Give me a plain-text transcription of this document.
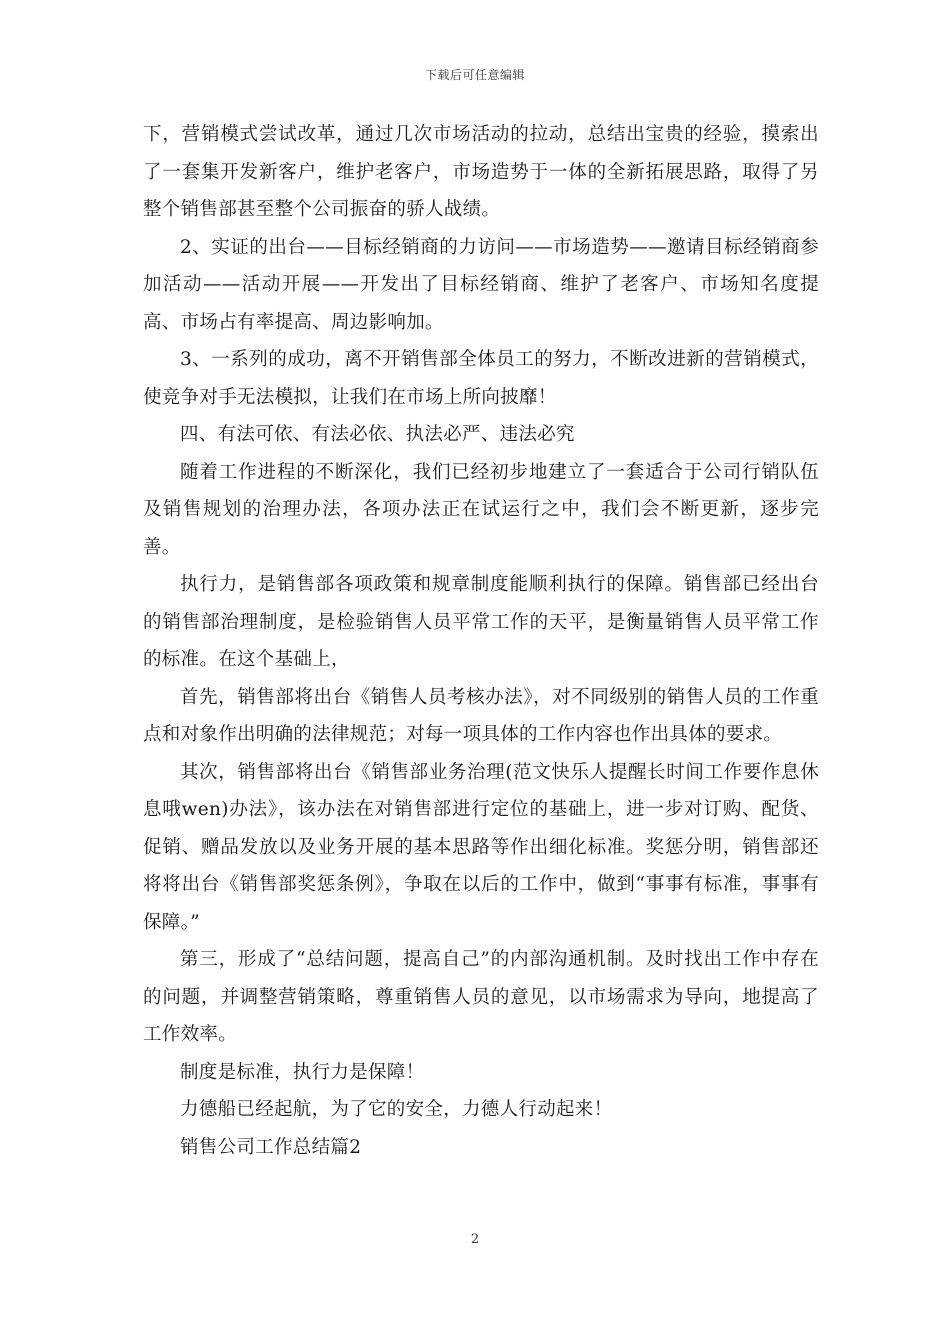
下载后可任意编辑

下，营销模式尝试改革，通过几次市场活动的拉动，总结出宝贵的经验，摸索出了一套集开发新客户，维护老客户，市场造势于一体的全新拓展思路，取得了另整个销售部甚至整个公司振奋的骄人战绩。

2、实证的出台——目标经销商的力访问——市场造势——邀请目标经销商参加活动——活动开展——开发出了目标经销商、维护了老客户、市场知名度提高、市场占有率提高、周边影响加。

3、一系列的成功，离不开销售部全体员工的努力，不断改进新的营销模式，使竞争对手无法模拟，让我们在市场上所向披靡！

四、有法可依、有法必依、执法必严、违法必究

随着工作进程的不断深化，我们已经初步地建立了一套适合于公司行销队伍及销售规划的治理办法，各项办法正在试运行之中，我们会不断更新，逐步完善。

执行力，是销售部各项政策和规章制度能顺利执行的保障。销售部已经出台的销售部治理制度，是检验销售人员平常工作的天平，是衡量销售人员平常工作的标准。在这个基础上，

首先，销售部将出台《销售人员考核办法》，对不同级别的销售人员的工作重点和对象作出明确的法律规范；对每一项具体的工作内容也作出具体的要求。

其次，销售部将出台《销售部业务治理(范文快乐人提醒长时间工作要作息休息哦wen)办法》，该办法在对销售部进行定位的基础上，进一步对订购、配货、促销、赠品发放以及业务开展的基本思路等作出细化标准。奖惩分明，销售部还将将出台《销售部奖惩条例》，争取在以后的工作中，做到“事事有标准，事事有保障。”

第三，形成了“总结问题，提高自己”的内部沟通机制。及时找出工作中存在的问题，并调整营销策略，尊重销售人员的意见，以市场需求为导向，地提高了工作效率。

制度是标准，执行力是保障！

力德船已经起航，为了它的安全，力德人行动起来！

销售公司工作总结篇2

2
